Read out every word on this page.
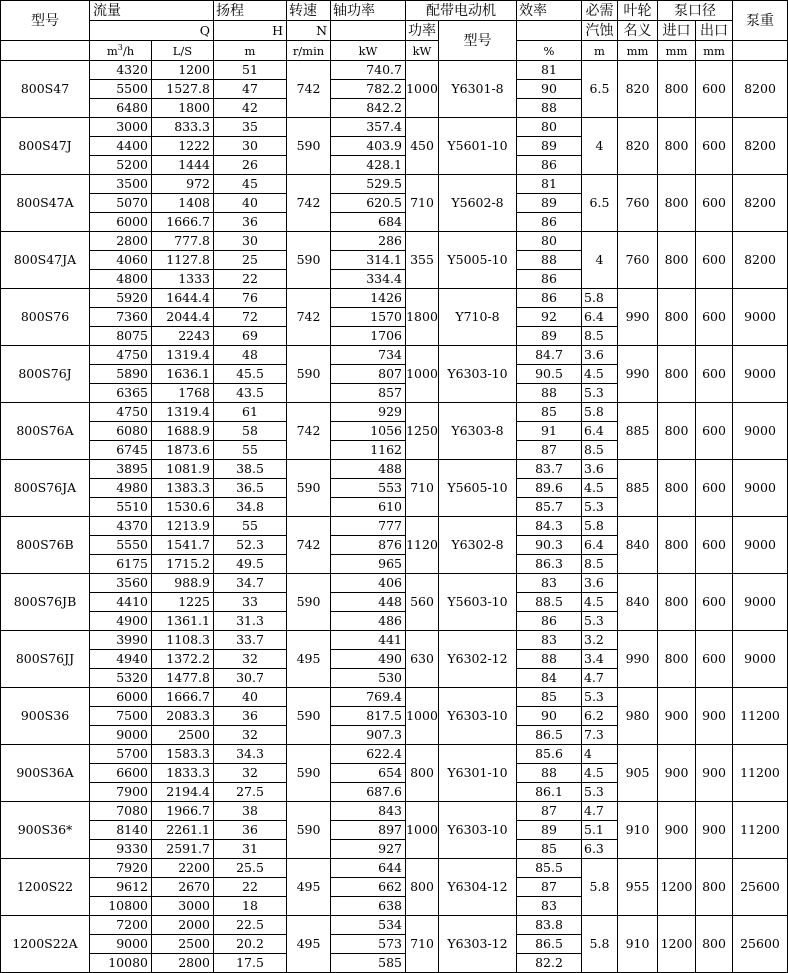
型号	流量		扬程	转速	轴功率	配带电动机		效率	必需	叶轮	泵口径		泵重
	Q		H	N		功率	型号		汽蚀	名义	进口	出口	
	$m^3/h$	L/S	m	r/min	kW	kW		%	m	mm	mm	mm	
800S47	4320	1200	51	742	740.7	1000	Y6301-8	81	6.5	820	800	600	8200
	5500	1527.8	47		782.2			90					
	6480	1800	42		842.2			88					
800S47J	3000	833.3	35	590	357.4	450	Y5601-10	80	4	820	800	600	8200
	4400	1222	30		403.9			89					
	5200	1444	26		428.1			86					
800S47A	3500	972	45	742	529.5	710	Y5602-8	81	6.5	760	800	600	8200
	5070	1408	40		620.5			89					
	6000	1666.7	36		684			86					
800S47JA	2800	777.8	30	590	286	355	Y5005-10	80	4	760	800	600	8200
	4060	1127.8	25		314.1			88					
	4800	1333	22		334.4			86					
800S76	5920	1644.4	76	742	1426	1800	Y710-8	86	5.8	990	800	600	9000
	7360	2044.4	72		1570			92	6.4				
	8075	2243	69		1706			89	8.5				
800S76J	4750	1319.4	48	590	734	1000	Y6303-10	84.7	3.6	990	800	600	9000
	5890	1636.1	45.5		807			90.5	4.5				
	6365	1768	43.5		857			88	5.3				
800S76A	4750	1319.4	61	742	929	1250	Y6303-8	85	5.8	885	800	600	9000
	6080	1688.9	58		1056			91	6.4				
	6745	1873.6	55		1162			87	8.5				
800S76JA	3895	1081.9	38.5	590	488	710	Y5605-10	83.7	3.6	885	800	600	9000
	4980	1383.3	36.5		553			89.6	4.5				
	5510	1530.6	34.8		610			85.7	5.3				
800S76B	4370	1213.9	55	742	777	1120	Y6302-8	84.3	5.8	840	800	600	9000
	5550	1541.7	52.3		876			90.3	6.4				
	6175	1715.2	49.5		965			86.3	8.5				
800S76JB	3560	988.9	34.7	590	406	560	Y5603-10	83	3.6	840	800	600	9000
	4410	1225	33		448			88.5	4.5				
	4900	1361.1	31.3		486			86	5.3				
800S76JJ	3990	1108.3	33.7	495	441	630	Y6302-12	83	3.2	990	800	600	9000
	4940	1372.2	32		490			88	3.4				
	5320	1477.8	30.7		530			84	4.7				
900S36	6000	1666.7	40	590	769.4	1000	Y6303-10	85	5.3	980	900	900	11200
	7500	2083.3	36		817.5			90	6.2				
	9000	2500	32		907.3			86.5	7.3				
900S36A	5700	1583.3	34.3	590	622.4	800	Y6301-10	85.6	4	905	900	900	11200
	6600	1833.3	32		654			88	4.5				
	7900	2194.4	27.5		687.6			86.1	5.3				
900S36*	7080	1966.7	38	590	843	1000	Y6303-10	87	4.7	910	900	900	11200
	8140	2261.1	36		897			89	5.1				
	9330	2591.7	31		927			85	6.3				
1200S22	7920	2200	25.5	495	644	800	Y6304-12	85.5	5.8	955	1200	800	25600
	9612	2670	22		662			87					
	10800	3000	18		638			83					
1200S22A	7200	2000	22.5	495	534	710	Y6303-12	83.8	5.8	910	1200	800	25600
	9000	2500	20.2		573			86.5					
	10080	2800	17.5		585			82.2					
